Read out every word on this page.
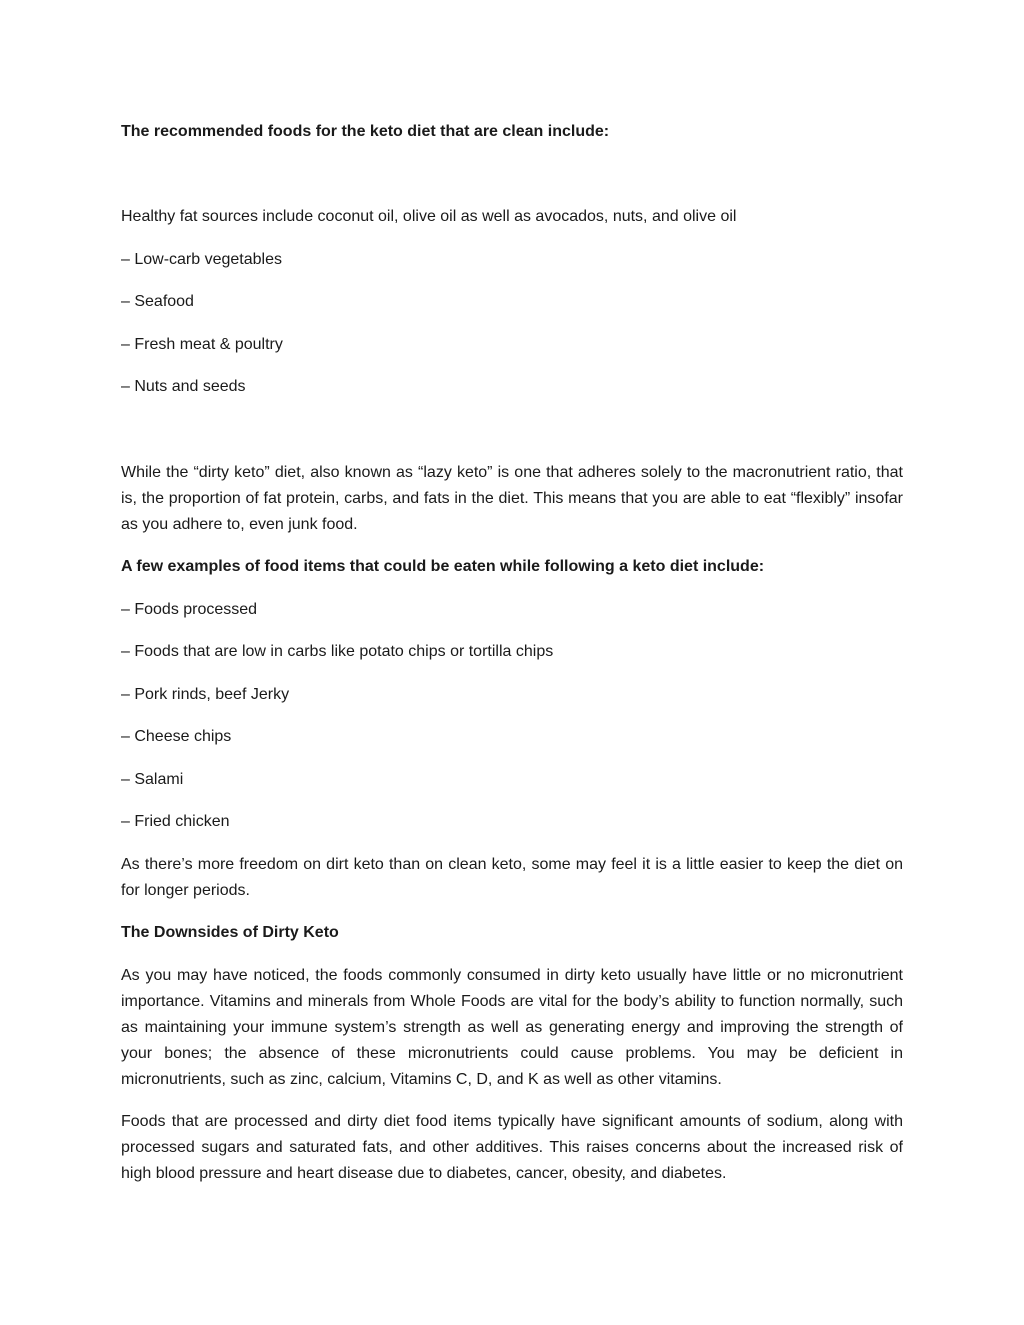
The recommended foods for the keto diet that are clean include:

Healthy fat sources include coconut oil, olive oil as well as avocados, nuts, and olive oil

– Low-carb vegetables

– Seafood

– Fresh meat & poultry

– Nuts and seeds

While the “dirty keto” diet, also known as “lazy keto” is one that adheres solely to the macronutrient ratio, that is, the proportion of fat protein, carbs, and fats in the diet. This means that you are able to eat “flexibly” insofar as you adhere to, even junk food.

A few examples of food items that could be eaten while following a keto diet include:

– Foods processed

– Foods that are low in carbs like potato chips or tortilla chips

– Pork rinds, beef Jerky

– Cheese chips

– Salami

– Fried chicken

As there’s more freedom on dirt keto than on clean keto, some may feel it is a little easier to keep the diet on for longer periods.

The Downsides of Dirty Keto

As you may have noticed, the foods commonly consumed in dirty keto usually have little or no micronutrient importance. Vitamins and minerals from Whole Foods are vital for the body’s ability to function normally, such as maintaining your immune system’s strength as well as generating energy and improving the strength of your bones; the absence of these micronutrients could cause problems. You may be deficient in micronutrients, such as zinc, calcium, Vitamins C, D, and K as well as other vitamins.

Foods that are processed and dirty diet food items typically have significant amounts of sodium, along with processed sugars and saturated fats, and other additives. This raises concerns about the increased risk of high blood pressure and heart disease due to diabetes, cancer, obesity, and diabetes.
